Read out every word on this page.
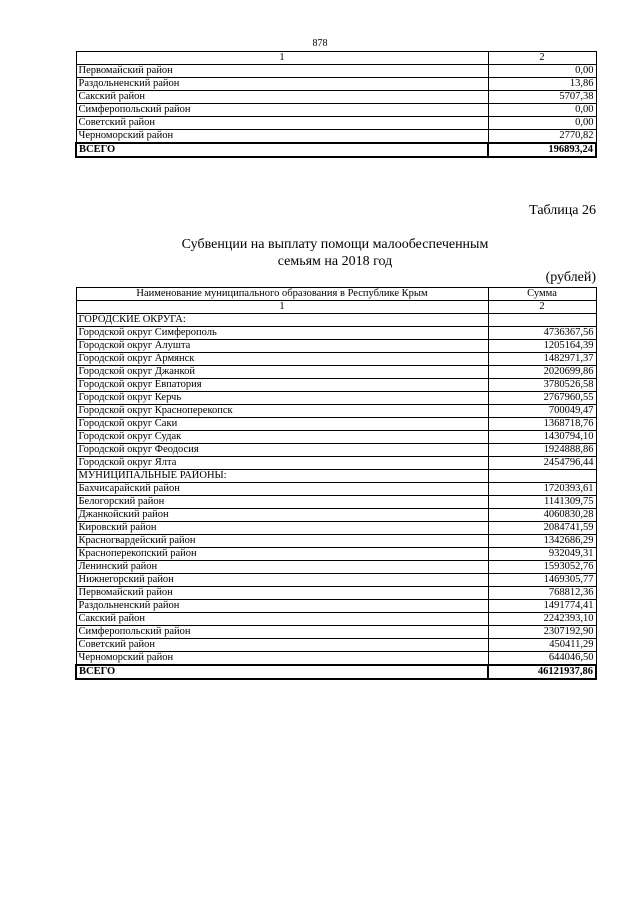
878
1	2
Первомайский район	0,00
Раздольненский район	13,86
Сакский район	5707,38
Симферопольский район	0,00
Советский район	0,00
Черноморский район	2770,82
ВСЕГО	196893,24
Таблица 26
Субвенции на выплату помощи малообеспеченным
семьям на 2018 год
(рублей)
Наименование муниципального образования в Республике Крым	Сумма
1	2
ГОРОДСКИЕ ОКРУГА:	
Городской округ Симферополь	4736367,56
Городской округ Алушта	1205164,39
Городской округ Армянск	1482971,37
Городской округ Джанкой	2020699,86
Городской округ Евпатория	3780526,58
Городской округ Керчь	2767960,55
Городской округ Красноперекопск	700049,47
Городской округ Саки	1368718,76
Городской округ Судак	1430794,10
Городской округ Феодосия	1924888,86
Городской округ Ялта	2454796,44
МУНИЦИПАЛЬНЫЕ РАЙОНЫ:	
Бахчисарайский район	1720393,61
Белогорский район	1141309,75
Джанкойский район	4060830,28
Кировский район	2084741,59
Красногвардейский район	1342686,29
Красноперекопский район	932049,31
Ленинский район	1593052,76
Нижнегорский район	1469305,77
Первомайский район	768812,36
Раздольненский район	1491774,41
Сакский район	2242393,10
Симферопольский район	2307192,90
Советский район	450411,29
Черноморский район	644046,50
ВСЕГО	46121937,86
